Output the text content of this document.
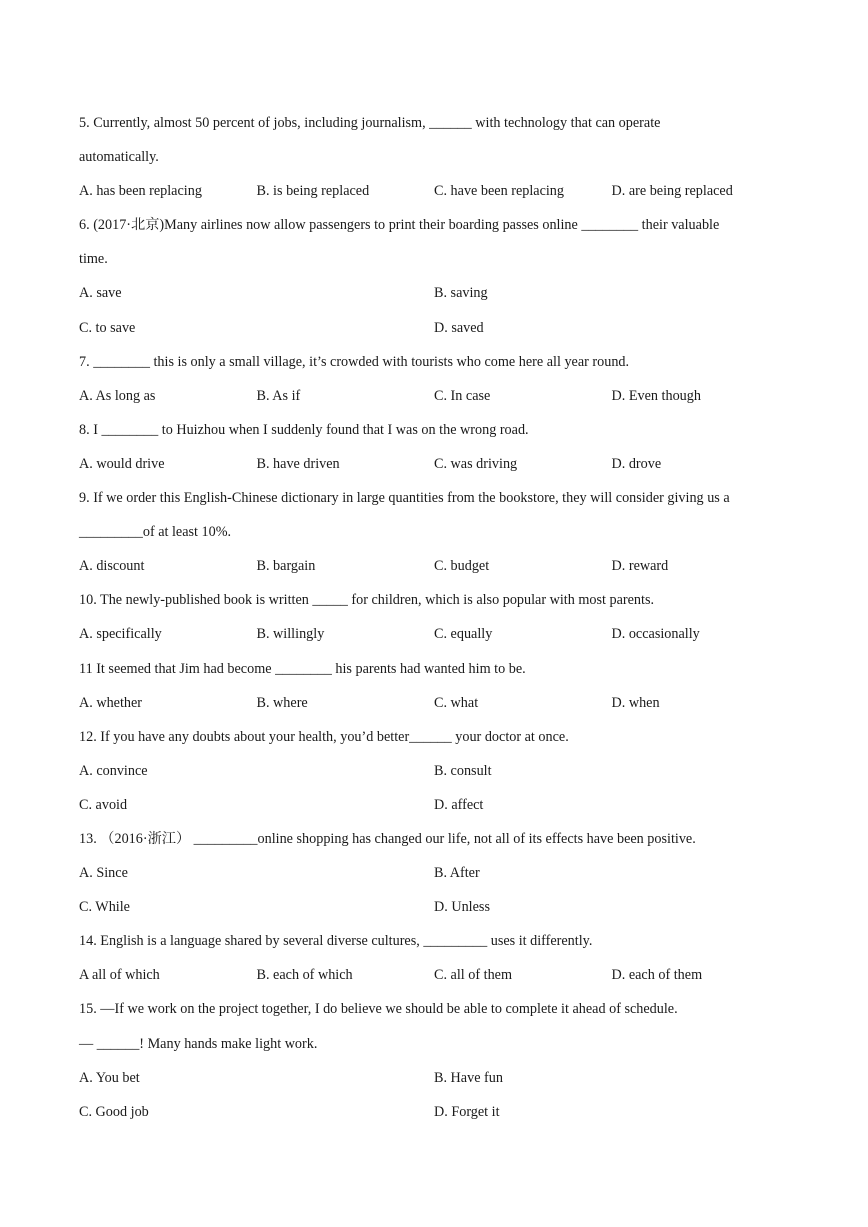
5. Currently, almost 50 percent of jobs, including journalism, ______ with technology that can operate
automatically.
A. has been replacing	B. is being replaced	C. have been replacing	D. are being replaced
6. (2017·北京)Many airlines now allow passengers to print their boarding passes online ________ their valuable
time.
A. save	B. saving
C. to save	D. saved
7. ________ this is only a small village, it’s crowded with tourists who come here all year round.
A. As long as	B. As if	C. In case	D. Even though
8. I ________ to Huizhou when I suddenly found that I was on the wrong road.
A. would drive	B. have driven	C. was driving	D. drove
9. If we order this English-Chinese dictionary in large quantities from the bookstore, they will consider giving us a
_________of at least 10%.
A. discount	B. bargain	C. budget	D. reward
10. The newly-published book is written _____ for children, which is also popular with most parents.
A. specifically	B. willingly	C. equally	D. occasionally
11 It seemed that Jim had become ________ his parents had wanted him to be.
A. whether	B. where	C. what	D. when
12. If you have any doubts about your health, you’d better______ your doctor at once.
A. convince	B. consult
C. avoid	D. affect
13. （2016·浙江） _________online shopping has changed our life, not all of its effects have been positive.
A. Since	B. After
C. While	D. Unless
14. English is a language shared by several diverse cultures, _________ uses it differently.
A all of which	B. each of which	C. all of them	D. each of them
15. —If we work on the project together, I do believe we should be able to complete it ahead of schedule.
— ______! Many hands make light work.
A. You bet	B. Have fun
C. Good job	D. Forget it
